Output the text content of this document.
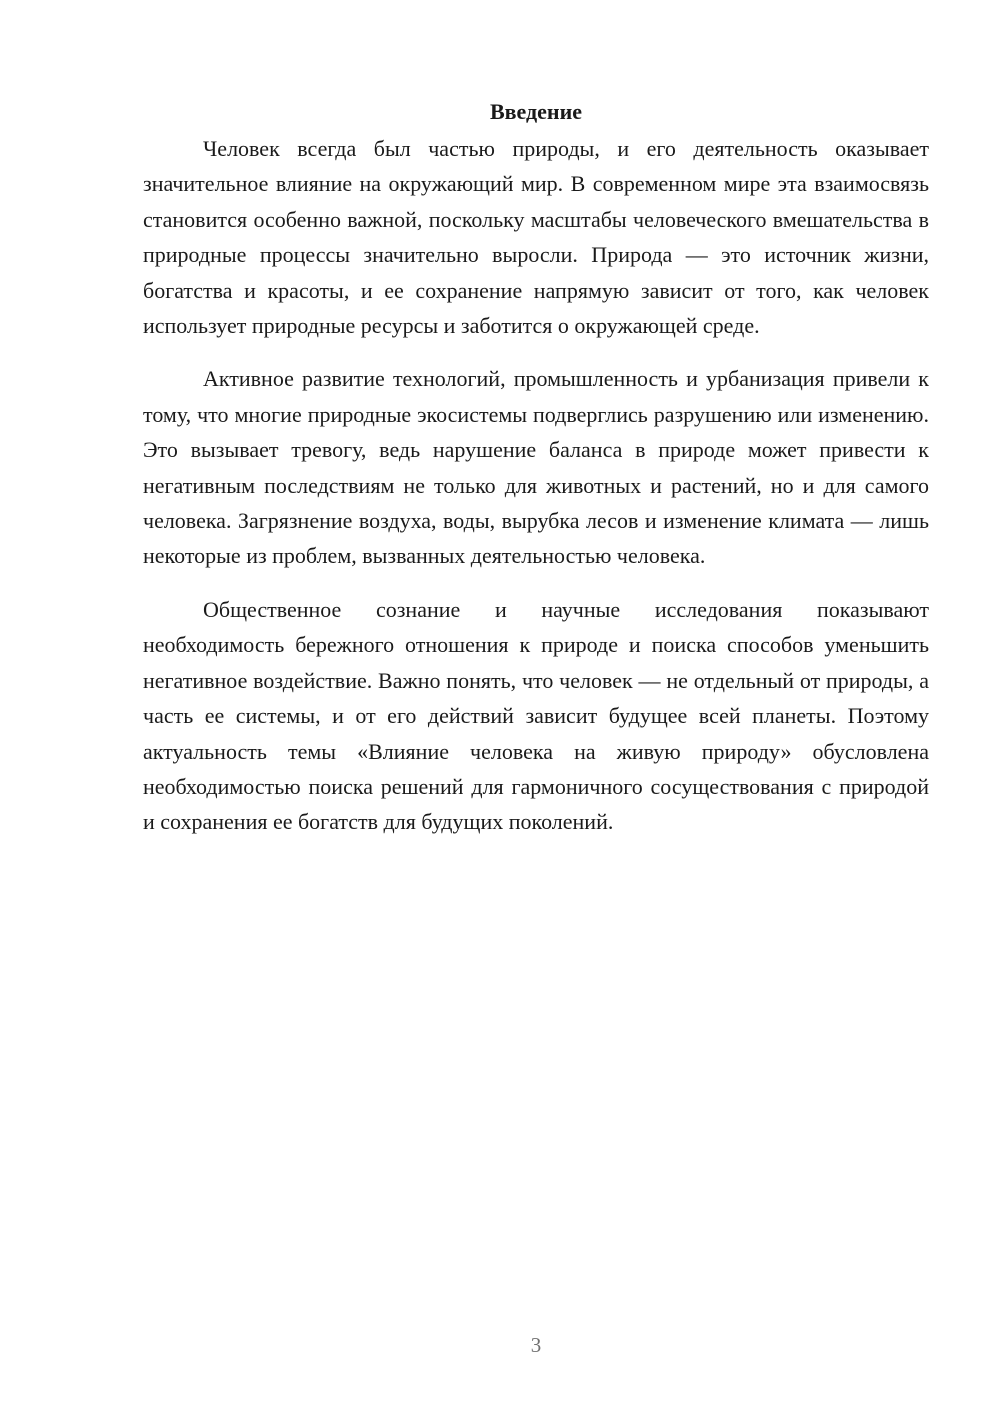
Введение

Человек всегда был частью природы, и его деятельность оказывает значительное влияние на окружающий мир. В современном мире эта взаимосвязь становится особенно важной, поскольку масштабы человеческого вмешательства в природные процессы значительно выросли. Природа — это источник жизни, богатства и красоты, и ее сохранение напрямую зависит от того, как человек использует природные ресурсы и заботится о окружающей среде.

Активное развитие технологий, промышленность и урбанизация привели к тому, что многие природные экосистемы подверглись разрушению или изменению. Это вызывает тревогу, ведь нарушение баланса в природе может привести к негативным последствиям не только для животных и растений, но и для самого человека. Загрязнение воздуха, воды, вырубка лесов и изменение климата — лишь некоторые из проблем, вызванных деятельностью человека.

Общественное сознание и научные исследования показывают необходимость бережного отношения к природе и поиска способов уменьшить негативное воздействие. Важно понять, что человек — не отдельный от природы, а часть ее системы, и от его действий зависит будущее всей планеты. Поэтому актуальность темы «Влияние человека на живую природу» обусловлена необходимостью поиска решений для гармоничного сосуществования с природой и сохранения ее богатств для будущих поколений.

3
